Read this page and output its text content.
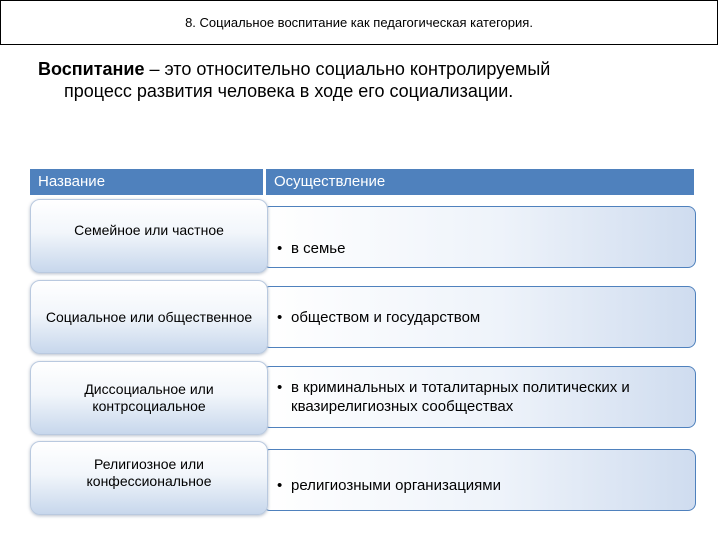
8. Социальное воспитание как педагогическая категория.
Воспитание – это относительно социально контролируемый
процесс развития человека в ходе его социализации.
Название	Осуществление
• в семье
Семейное или частное
• обществом и государством
Социальное или общественное
• в криминальных и тоталитарных политических и квазирелигиозных сообществах
Диссоциальное или контрсоциальное
• религиозными организациями
Религиозное или конфессиональное
